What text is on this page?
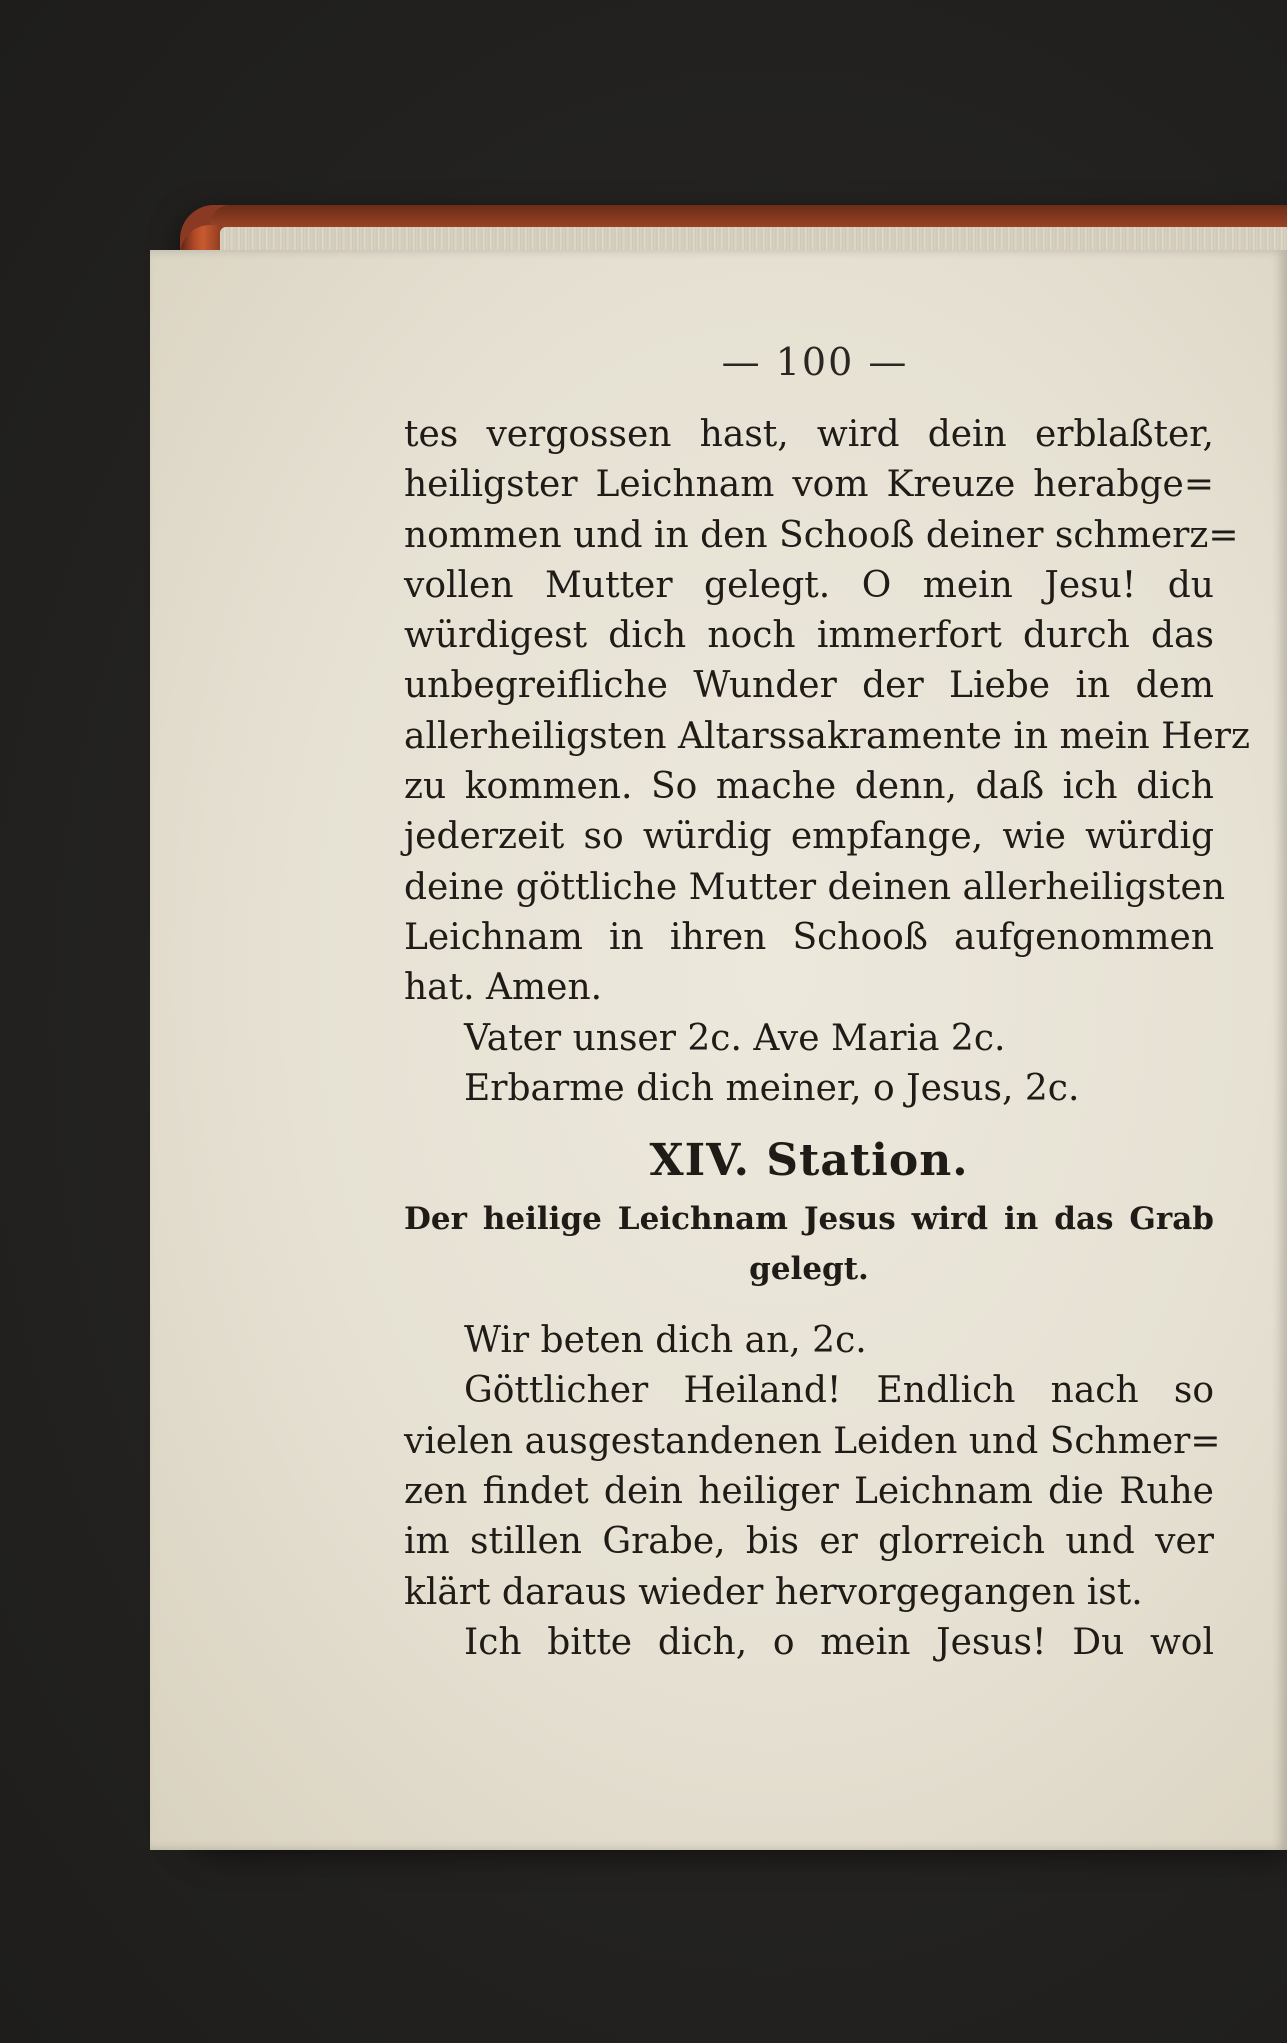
— 100 —
tes vergossen hast, wird dein erblaßter,
heiligster Leichnam vom Kreuze herabge=
nommen und in den Schooß deiner schmerz=
vollen Mutter gelegt. O mein Jesu! du
würdigest dich noch immerfort durch das
unbegreifliche Wunder der Liebe in dem
allerheiligsten Altarssakramente in mein Herz
zu kommen. So mache denn, daß ich dich
jederzeit so würdig empfange, wie würdig
deine göttliche Mutter deinen allerheiligsten
Leichnam in ihren Schooß aufgenommen
hat. Amen.
Vater unser 2c. Ave Maria 2c.
Erbarme dich meiner, o Jesus, 2c.
XIV. Station.
Der heilige Leichnam Jesus wird in das Grab
gelegt.
Wir beten dich an, 2c.
Göttlicher Heiland! Endlich nach so
vielen ausgestandenen Leiden und Schmer=
zen findet dein heiliger Leichnam die Ruhe
im stillen Grabe, bis er glorreich und ver
klärt daraus wieder hervorgegangen ist.
Ich bitte dich, o mein Jesus! Du wol
